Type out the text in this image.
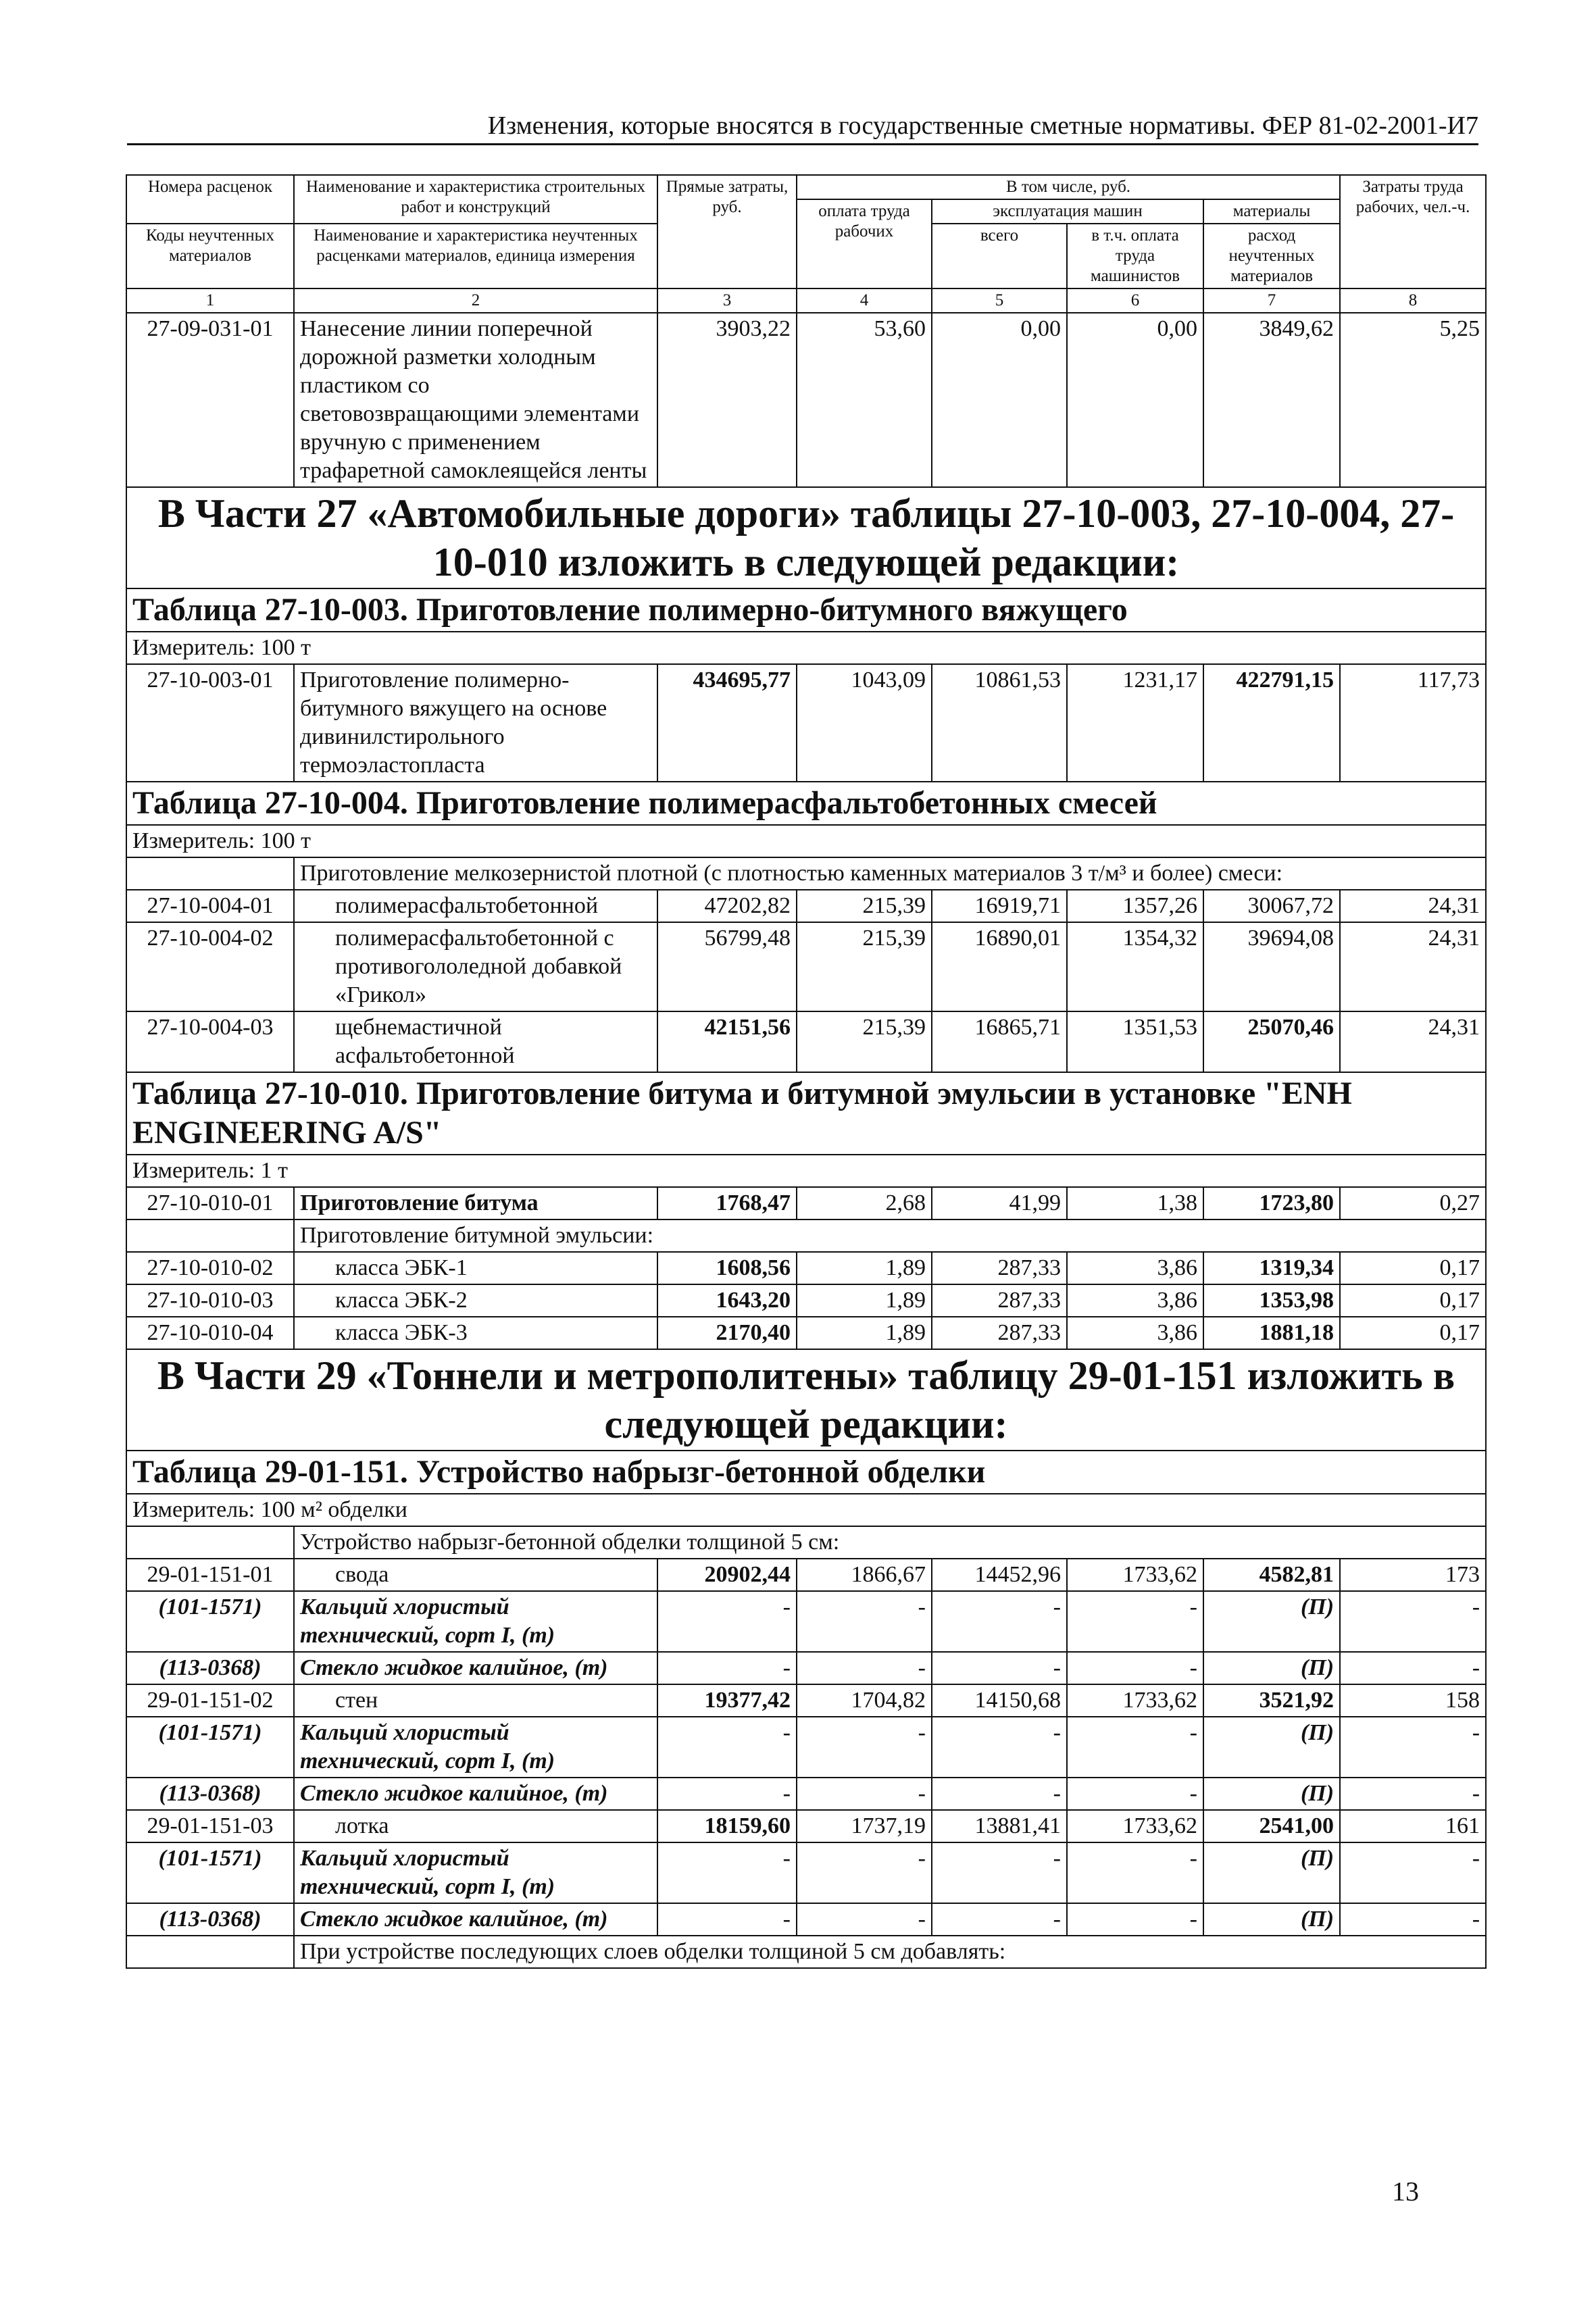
Изменения, которые вносятся в государственные сметные нормативы. ФЕР 81-02-2001-И7
Номера расценок	Наименование и характеристика строительных работ и конструкций	Прямые затраты, руб.	В том числе, руб.				Затраты труда рабочих, чел.-ч.
			оплата труда рабочих	эксплуатация машин		материалы	
Коды неучтенных материалов	Наименование и характеристика неучтенных расценками материалов, единица измерения			всего	в т.ч. оплата труда машинистов	расход неучтенных материалов	
1	2	3	4	5	6	7	8
27-09-031-01	Нанесение линии поперечной дорожной разметки холодным пластиком со световозвращающими элементами вручную с применением трафаретной самоклеящейся ленты	3903,22	53,60	0,00	0,00	3849,62	5,25
В Части 27 «Автомобильные дороги» таблицы 27-10-003, 27-10-004, 27-10-010 изложить в следующей редакции:							
Таблица 27-10-003. Приготовление полимерно-битумного вяжущего							
Измеритель: 100 т							
27-10-003-01	Приготовление полимерно-битумного вяжущего на основе дивинилстирольного термоэластопласта	434695,77	1043,09	10861,53	1231,17	422791,15	117,73
Таблица 27-10-004. Приготовление полимерасфальтобетонных смесей							
Измеритель: 100 т							
	Приготовление мелкозернистой плотной (с плотностью каменных материалов 3 т/м³ и более) смеси:						
27-10-004-01	полимерасфальтобетонной	47202,82	215,39	16919,71	1357,26	30067,72	24,31
27-10-004-02	полимерасфальтобетонной с противогололедной добавкой «Грикол»	56799,48	215,39	16890,01	1354,32	39694,08	24,31
27-10-004-03	щебнемастичной асфальтобетонной	42151,56	215,39	16865,71	1351,53	25070,46	24,31
Таблица 27-10-010. Приготовление битума и битумной эмульсии в установке "ENH ENGINEERING A/S"							
Измеритель: 1 т							
27-10-010-01	Приготовление битума	1768,47	2,68	41,99	1,38	1723,80	0,27
	Приготовление битумной эмульсии:						
27-10-010-02	класса ЭБК-1	1608,56	1,89	287,33	3,86	1319,34	0,17
27-10-010-03	класса ЭБК-2	1643,20	1,89	287,33	3,86	1353,98	0,17
27-10-010-04	класса ЭБК-3	2170,40	1,89	287,33	3,86	1881,18	0,17
В Части 29 «Тоннели и метрополитены» таблицу 29-01-151 изложить в следующей редакции:							
Таблица 29-01-151. Устройство набрызг-бетонной обделки							
Измеритель: 100 м² обделки							
	Устройство набрызг-бетонной обделки толщиной 5 см:						
29-01-151-01	свода	20902,44	1866,67	14452,96	1733,62	4582,81	173
(101-1571)	Кальций хлористый технический, сорт I, (т)	-	-	-	-	(П)	-
(113-0368)	Стекло жидкое калийное, (т)	-	-	-	-	(П)	-
29-01-151-02	стен	19377,42	1704,82	14150,68	1733,62	3521,92	158
(101-1571)	Кальций хлористый технический, сорт I, (т)	-	-	-	-	(П)	-
(113-0368)	Стекло жидкое калийное, (т)	-	-	-	-	(П)	-
29-01-151-03	лотка	18159,60	1737,19	13881,41	1733,62	2541,00	161
(101-1571)	Кальций хлористый технический, сорт I, (т)	-	-	-	-	(П)	-
(113-0368)	Стекло жидкое калийное, (т)	-	-	-	-	(П)	-
	При устройстве последующих слоев обделки толщиной 5 см добавлять:						
13
